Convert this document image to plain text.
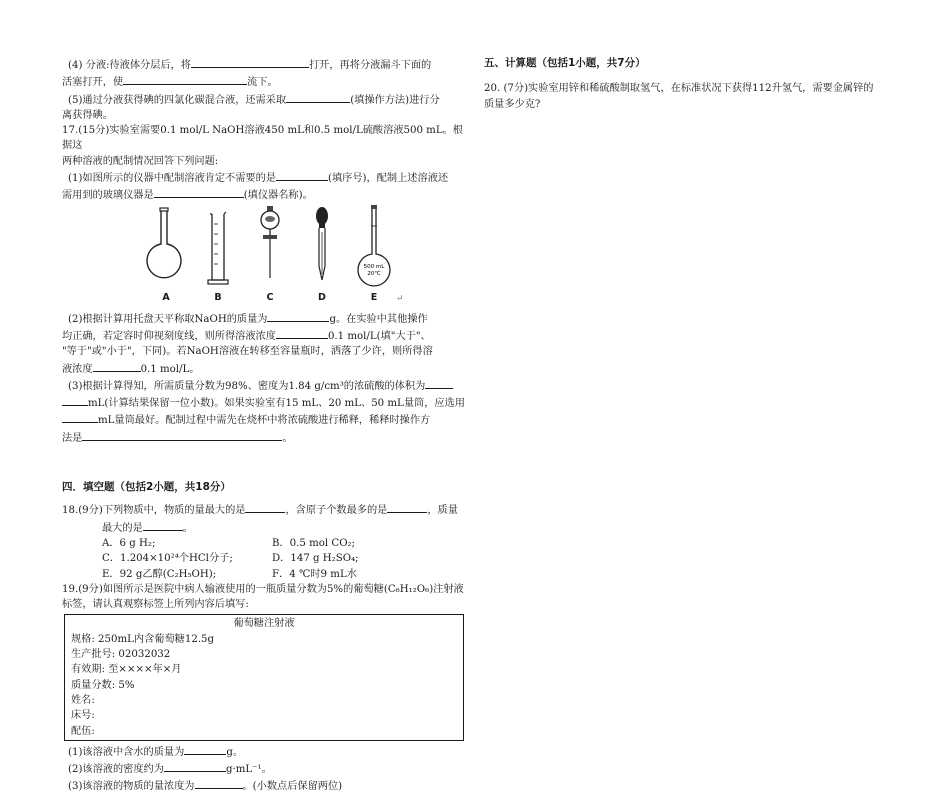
(4) 分液:待液体分层后，将	打开，再将分液漏斗下面的

活塞打开，使	流下。

(5)通过分液获得碘的四氯化碳混合液，还需采取	(填操作方法)进行分

离获得碘。

17.(15分)实验室需要0.1 mol/L NaOH溶液450 mL和0.5 mol/L硫酸溶液500 mL。根据这

两种溶液的配制情况回答下列问题:

(1)如图所示的仪器中配制溶液肯定不需要的是	(填序号)，配制上述溶液还

需用到的玻璃仪器是	(填仪器名称)。

A	B	C	D
500 mL
20℃
E	↵

(2)根据计算用托盘天平称取NaOH的质量为	g。在实验中其他操作

均正确，若定容时仰视刻度线，则所得溶液浓度	0.1 mol/L(填"大于"、

"等于"或"小于"，下同)。若NaOH溶液在转移至容量瓶时，洒落了少许，则所得溶

液浓度	0.1 mol/L。

(3)根据计算得知，所需质量分数为98%、密度为1.84 g/cm³的浓硫酸的体积为

mL(计算结果保留一位小数)。如果实验室有15 mL、20 mL、50 mL量筒，应选用

mL量筒最好。配制过程中需先在烧杯中将浓硫酸进行稀释，稀释时操作方

法是	。

四．填空题（包括2小题，共18分）

18.(9分)下列物质中，物质的量最大的是	，含原子个数最多的是	，质量

最大的是	。

A．6 g H₂;	B．0.5 mol CO₂;
C．1.204×10²⁴个HCl分子;	D．147 g H₂SO₄;
E．92 g乙醇(C₂H₅OH);	F．4 ℃时9 mL水

19.(9分)如图所示是医院中病人输液使用的一瓶质量分数为5%的葡萄糖(C₆H₁₂O₆)注射液

标签，请认真观察标签上所列内容后填写:

葡萄糖注射液

规格: 250mL内含葡萄糖12.5g

生产批号: 02032032

有效期: 至××××年×月

质量分数: 5%

姓名:

床号:

配伍:

(1)该溶液中含水的质量为	g。

(2)该溶液的密度约为	g·mL⁻¹。

(3)该溶液的物质的量浓度为	。(小数点后保留两位)

五、计算题（包括1小题，共7分）

20. (7分)实验室用锌和稀硫酸制取氢气，在标准状况下获得112升氢气，需要金属锌的

质量多少克?
